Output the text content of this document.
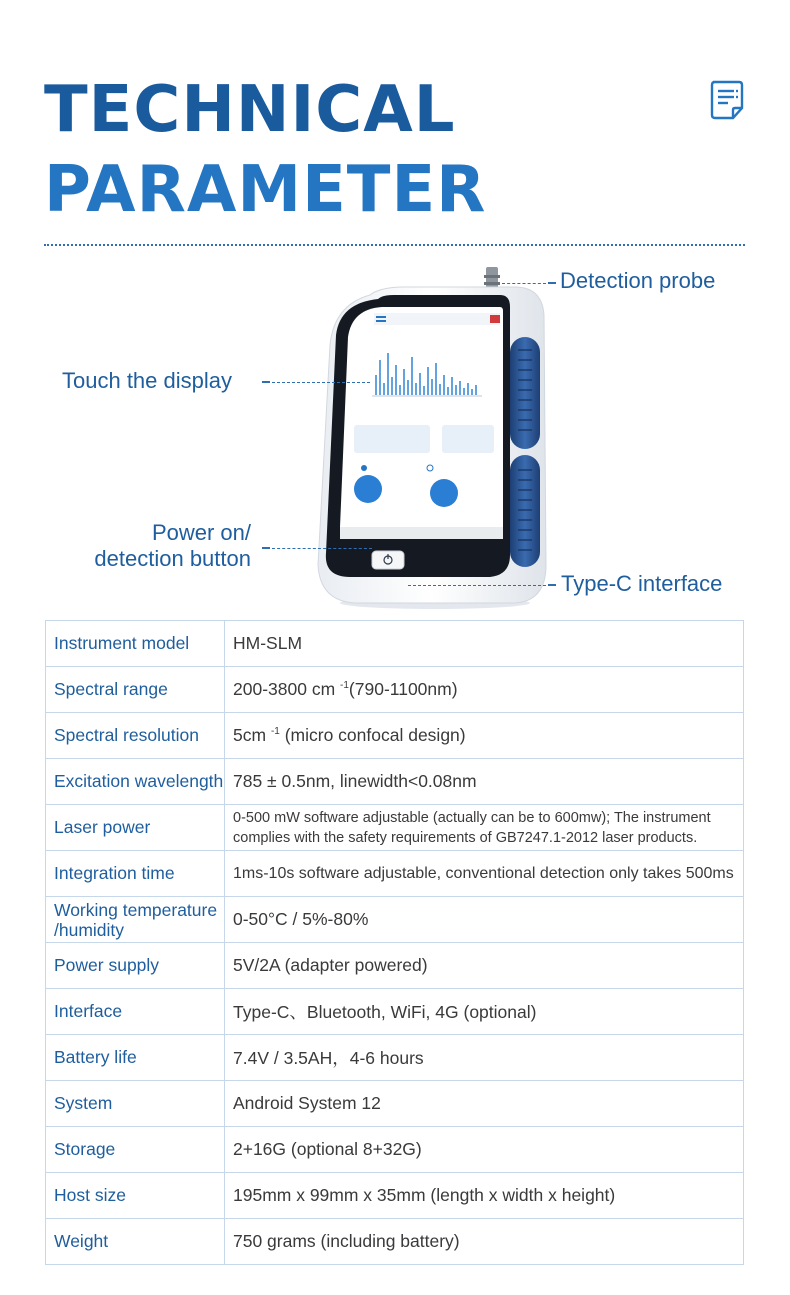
TECHNICAL
PARAMETER
Detection probe
Touch the display
Power on/
detection button
Type-C interface
Instrument model	HM-SLM
Spectral range	200-3800 cm $^{-1}$(790-1100nm)
Spectral resolution	5cm $^{-1}$ (micro confocal design)
Excitation wavelength	785 ± 0.5nm, linewidth<0.08nm
Laser power	0-500 mW software adjustable (actually can be to 600mw); The instrument
complies with the safety requirements of GB7247.1-2012 laser products.

Integration time	1ms-10s software adjustable, conventional detection only takes 500ms

Working temperature
/humidity	0-50°C / 5%-80%
Power supply	5V/2A (adapter powered)
Interface	Type-C、Bluetooth, WiFi, 4G (optional)
Battery life	7.4V / 3.5AH，4-6 hours
System	Android System 12
Storage	2+16G (optional 8+32G)
Host size	195mm x 99mm x 35mm (length x width x height)
Weight	750 grams (including battery)
